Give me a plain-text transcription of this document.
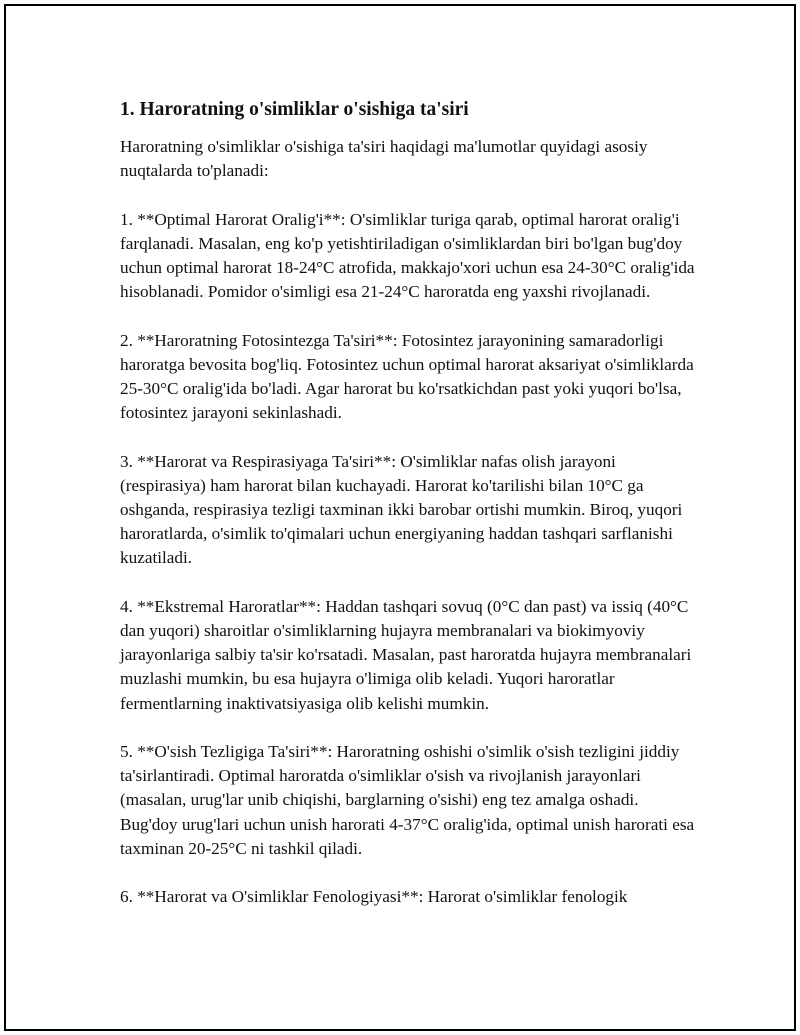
1. Haroratning o'simliklar o'sishiga ta'siri

Haroratning o'simliklar o'sishiga ta'siri haqidagi ma'lumotlar quyidagi asosiy nuqtalarda to'planadi:

1. **Optimal Harorat Oralig'i**: O'simliklar turiga qarab, optimal harorat oralig'i farqlanadi. Masalan, eng ko'p yetishtiriladigan o'simliklardan biri bo'lgan bug'doy uchun optimal harorat 18-24°C atrofida, makkajo'xori uchun esa 24-30°C oralig'ida hisoblanadi. Pomidor o'simligi esa 21-24°C haroratda eng yaxshi rivojlanadi.

2. **Haroratning Fotosintezga Ta'siri**: Fotosintez jarayonining samaradorligi haroratga bevosita bog'liq. Fotosintez uchun optimal harorat aksariyat o'simliklarda 25-30°C oralig'ida bo'ladi. Agar harorat bu ko'rsatkichdan past yoki yuqori bo'lsa, fotosintez jarayoni sekinlashadi.

3. **Harorat va Respirasiyaga Ta'siri**: O'simliklar nafas olish jarayoni (respirasiya) ham harorat bilan kuchayadi. Harorat ko'tarilishi bilan 10°C ga oshganda, respirasiya tezligi taxminan ikki barobar ortishi mumkin. Biroq, yuqori haroratlarda, o'simlik to'qimalari uchun energiyaning haddan tashqari sarflanishi kuzatiladi.

4. **Ekstremal Haroratlar**: Haddan tashqari sovuq (0°C dan past) va issiq (40°C dan yuqori) sharoitlar o'simliklarning hujayra membranalari va biokimyoviy jarayonlariga salbiy ta'sir ko'rsatadi. Masalan, past haroratda hujayra membranalari muzlashi mumkin, bu esa hujayra o'limiga olib keladi. Yuqori haroratlar fermentlarning inaktivatsiyasiga olib kelishi mumkin.

5. **O'sish Tezligiga Ta'siri**: Haroratning oshishi o'simlik o'sish tezligini jiddiy ta'sirlantiradi. Optimal haroratda o'simliklar o'sish va rivojlanish jarayonlari (masalan, urug'lar unib chiqishi, barglarning o'sishi) eng tez amalga oshadi. Bug'doy urug'lari uchun unish harorati 4-37°C oralig'ida, optimal unish harorati esa taxminan 20-25°C ni tashkil qiladi.

6. **Harorat va O'simliklar Fenologiyasi**: Harorat o'simliklar fenologik
